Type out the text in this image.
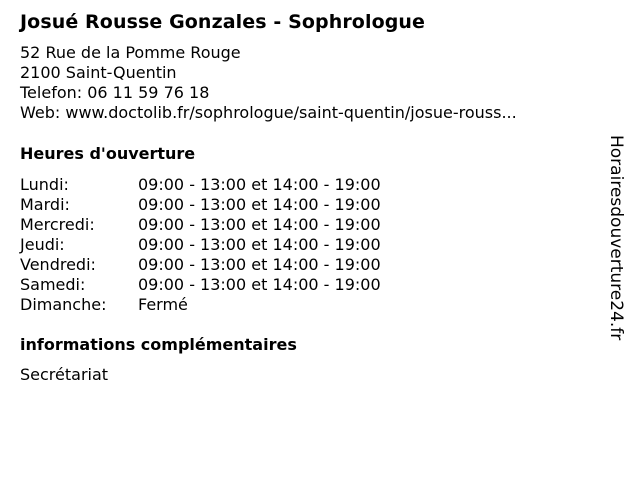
Josué Rousse Gonzales - Sophrologue
52 Rue de la Pomme Rouge
2100 Saint-Quentin
Telefon: 06 11 59 76 18
Web: www.doctolib.fr/sophrologue/saint-quentin/josue-rouss...
Heures d'ouverture
Lundi:	09:00 - 13:00 et 14:00 - 19:00
Mardi:	09:00 - 13:00 et 14:00 - 19:00
Mercredi:	09:00 - 13:00 et 14:00 - 19:00
Jeudi:	09:00 - 13:00 et 14:00 - 19:00
Vendredi:	09:00 - 13:00 et 14:00 - 19:00
Samedi:	09:00 - 13:00 et 14:00 - 19:00
Dimanche:	Fermé
informations complémentaires
Secrétariat
Horairesdouverture24.fr
